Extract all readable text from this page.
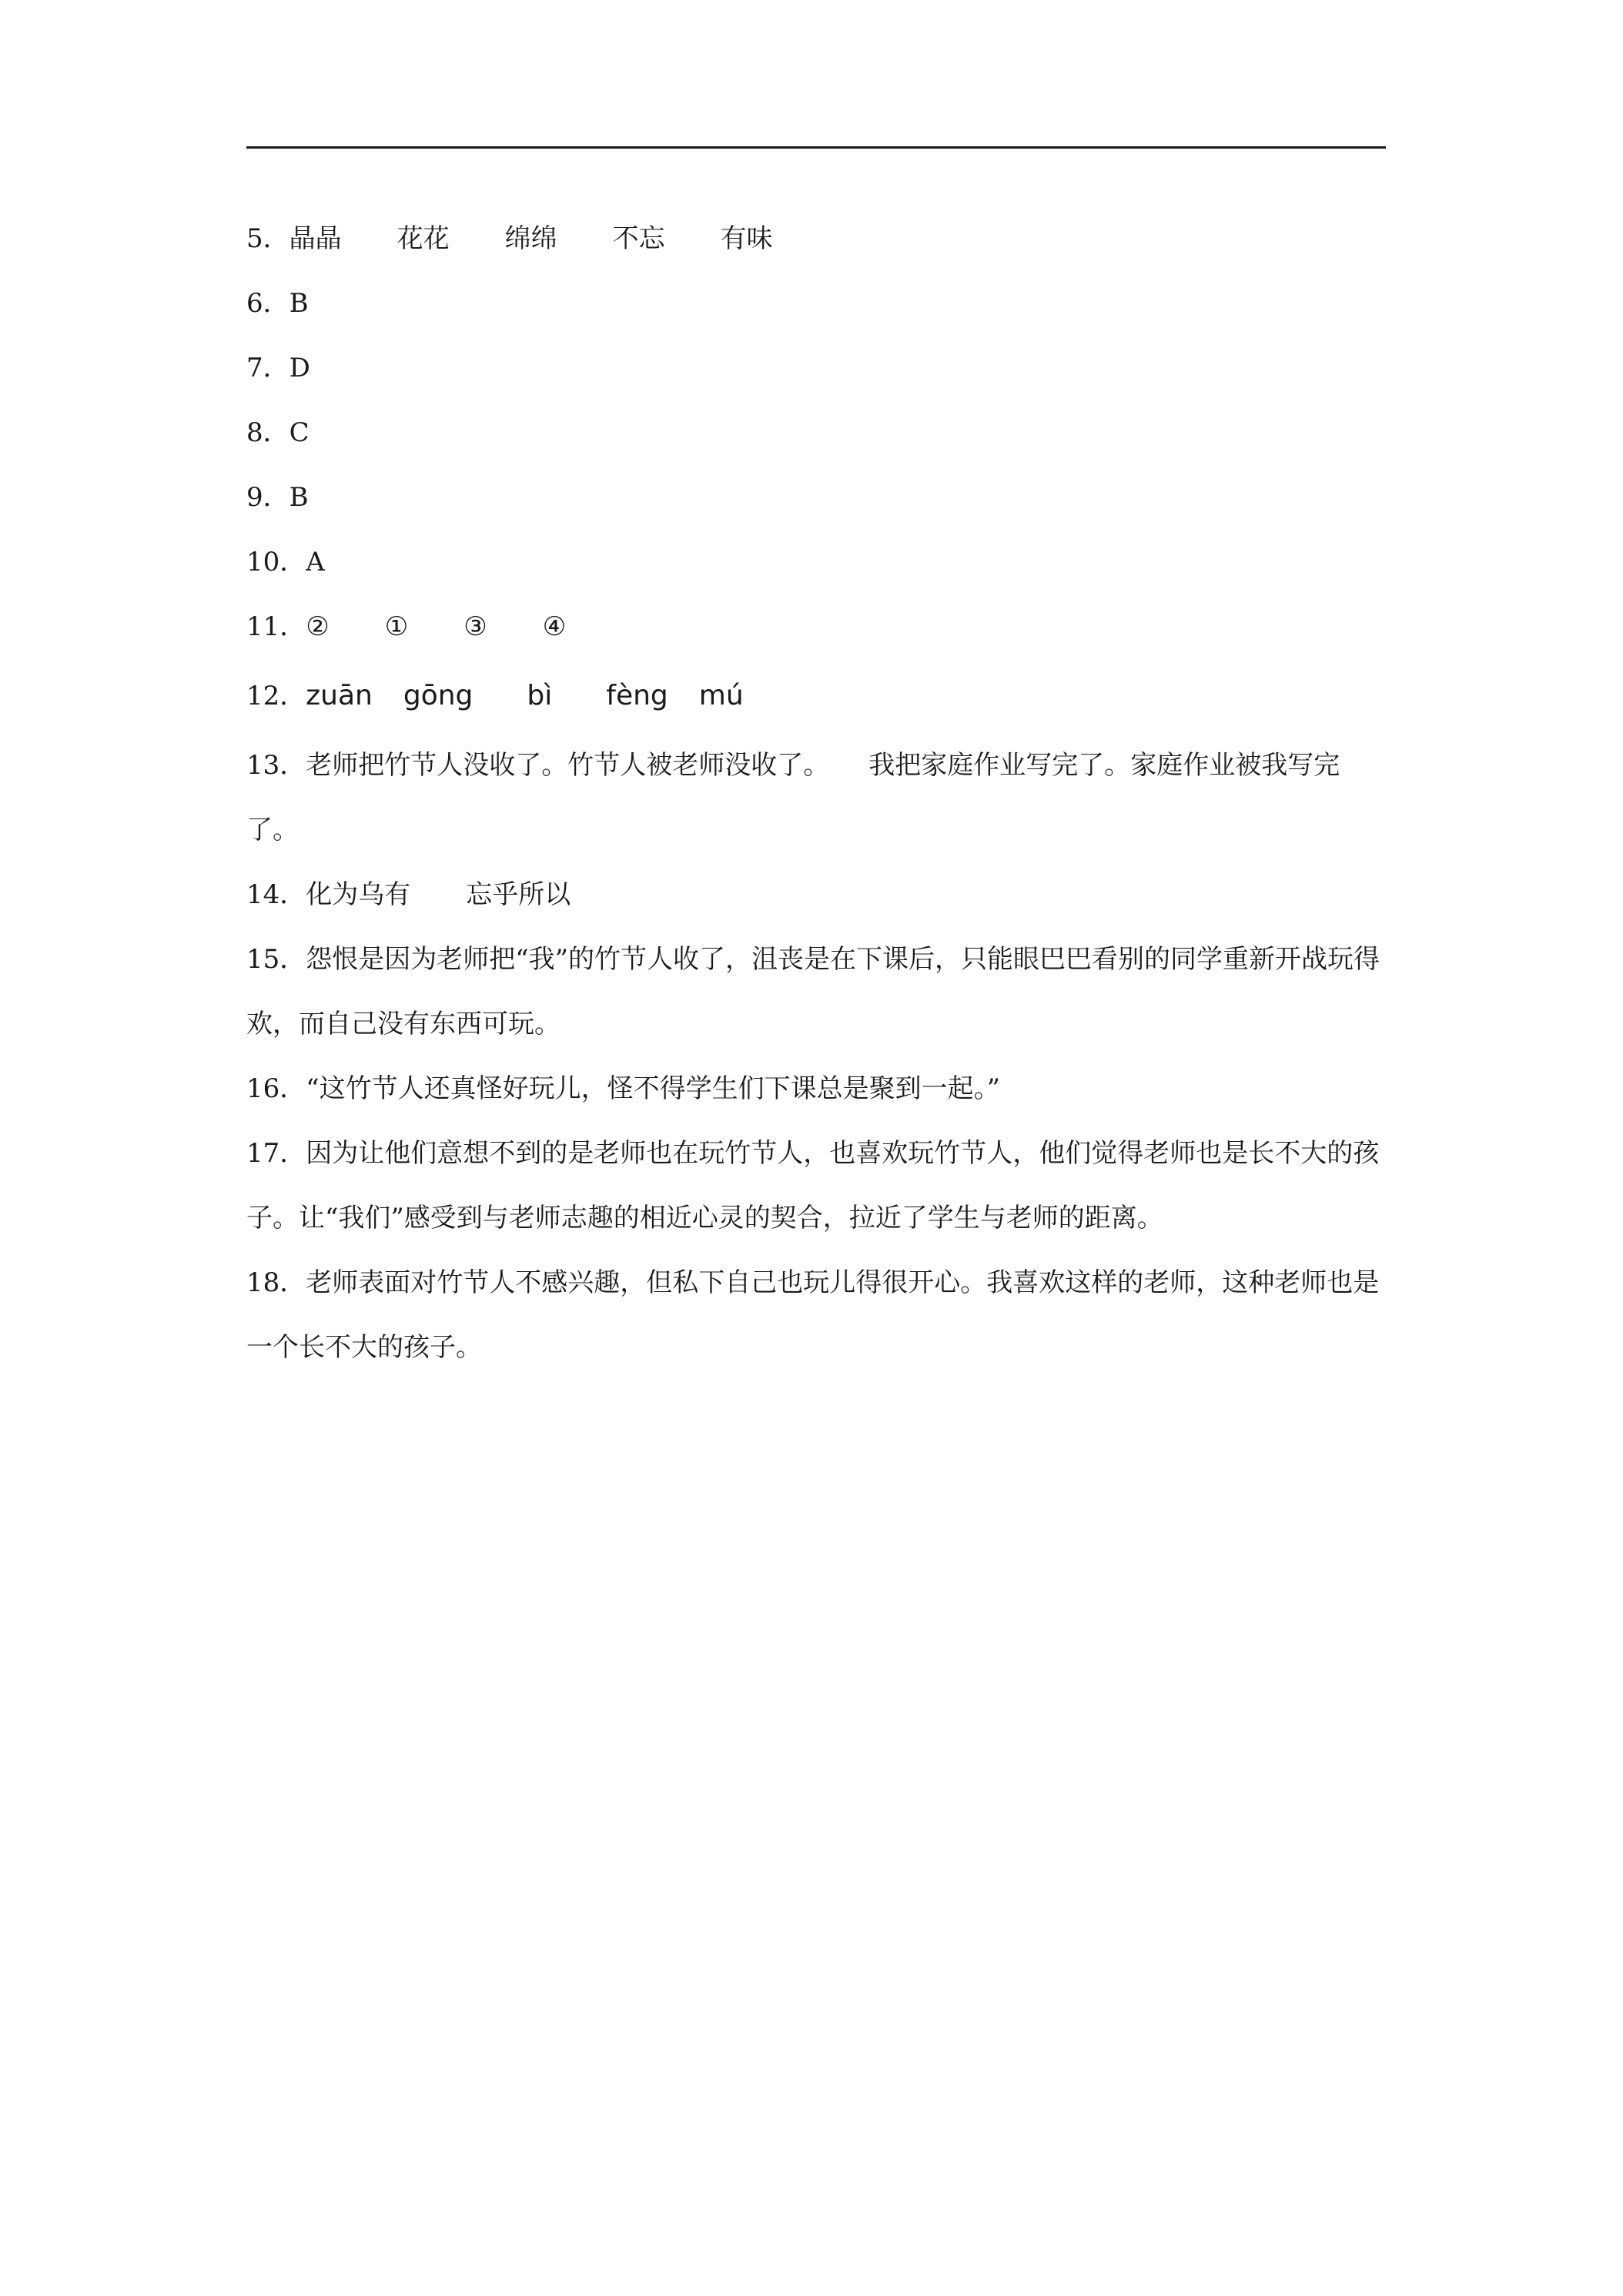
5．晶晶 花花 绵绵 不忘 有味
6．B
7．D
8．C
9．B
10．A
11．② ① ③ ④
12．zuān gōng bì fèng mú
13．老师把竹节人没收了。竹节人被老师没收了。　　我把家庭作业写完了。家庭作业被我写完了。
14．化为乌有 忘乎所以
15．怨恨是因为老师把“我”的竹节人收了，沮丧是在下课后，只能眼巴巴看别的同学重新开战玩得欢，而自己没有东西可玩。
16．“这竹节人还真怪好玩儿，怪不得学生们下课总是聚到一起。”
17．因为让他们意想不到的是老师也在玩竹节人，也喜欢玩竹节人，他们觉得老师也是长不大的孩子。让“我们”感受到与老师志趣的相近心灵的契合，拉近了学生与老师的距离。
18．老师表面对竹节人不感兴趣，但私下自己也玩儿得很开心。我喜欢这样的老师，这种老师也是一个长不大的孩子。
